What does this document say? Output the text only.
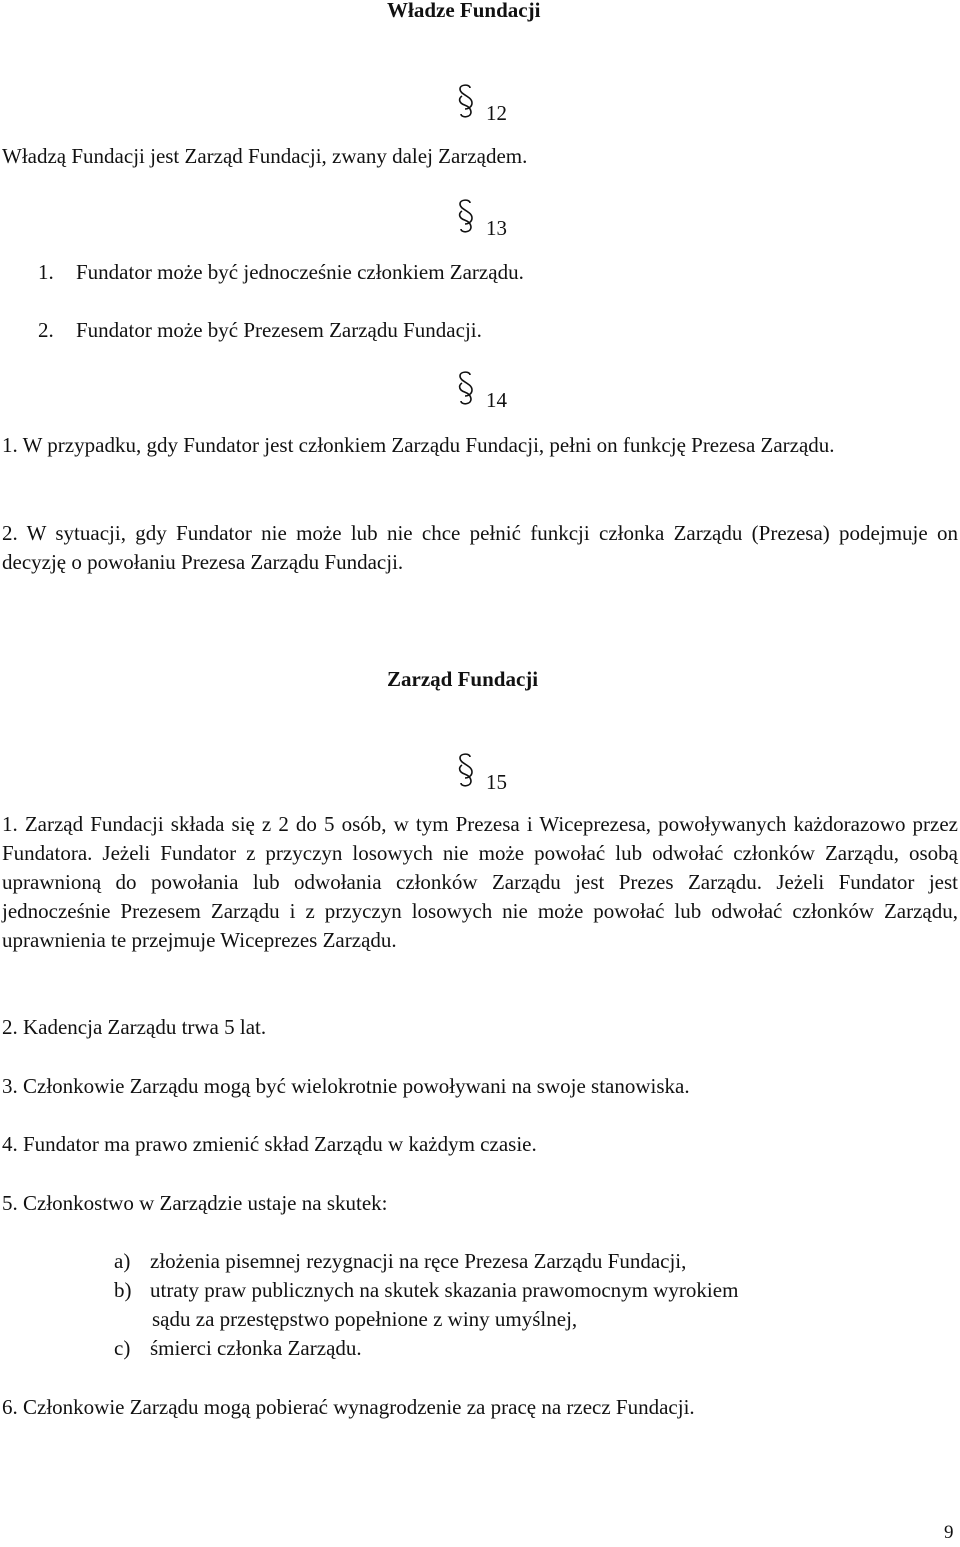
Władze Fundacji
12
Władzą Fundacji jest Zarząd Fundacji, zwany dalej Zarządem.
13
1. Fundator może być jednocześnie członkiem Zarządu.
2. Fundator może być Prezesem Zarządu Fundacji.
14
1. W przypadku, gdy Fundator jest członkiem Zarządu Fundacji, pełni on funkcję Prezesa Zarządu.
2. W sytuacji, gdy Fundator nie może lub nie chce pełnić funkcji członka Zarządu (Prezesa) podejmuje on decyzję o powołaniu Prezesa Zarządu Fundacji.
Zarząd Fundacji
15
1. Zarząd Fundacji składa się z 2 do 5 osób, w tym Prezesa i Wiceprezesa, powoływanych każdorazowo przez Fundatora. Jeżeli Fundator z przyczyn losowych nie może powołać lub odwołać członków Zarządu, osobą uprawnioną do powołania lub odwołania członków Zarządu jest Prezes Zarządu. Jeżeli Fundator jest jednocześnie Prezesem Zarządu i z przyczyn losowych nie może powołać lub odwołać członków Zarządu, uprawnienia te przejmuje Wiceprezes Zarządu.
2. Kadencja Zarządu trwa 5 lat.
3. Członkowie Zarządu mogą być wielokrotnie powoływani na swoje stanowiska.
4. Fundator ma prawo zmienić skład Zarządu w każdym czasie.
5. Członkostwo w Zarządzie ustaje na skutek:
a) złożenia pisemnej rezygnacji na ręce Prezesa Zarządu Fundacji,
b) utraty praw publicznych na skutek skazania prawomocnym wyrokiem
sądu za przestępstwo popełnione z winy umyślnej,
c) śmierci członka Zarządu.
6. Członkowie Zarządu mogą pobierać wynagrodzenie za pracę na rzecz Fundacji.
9
